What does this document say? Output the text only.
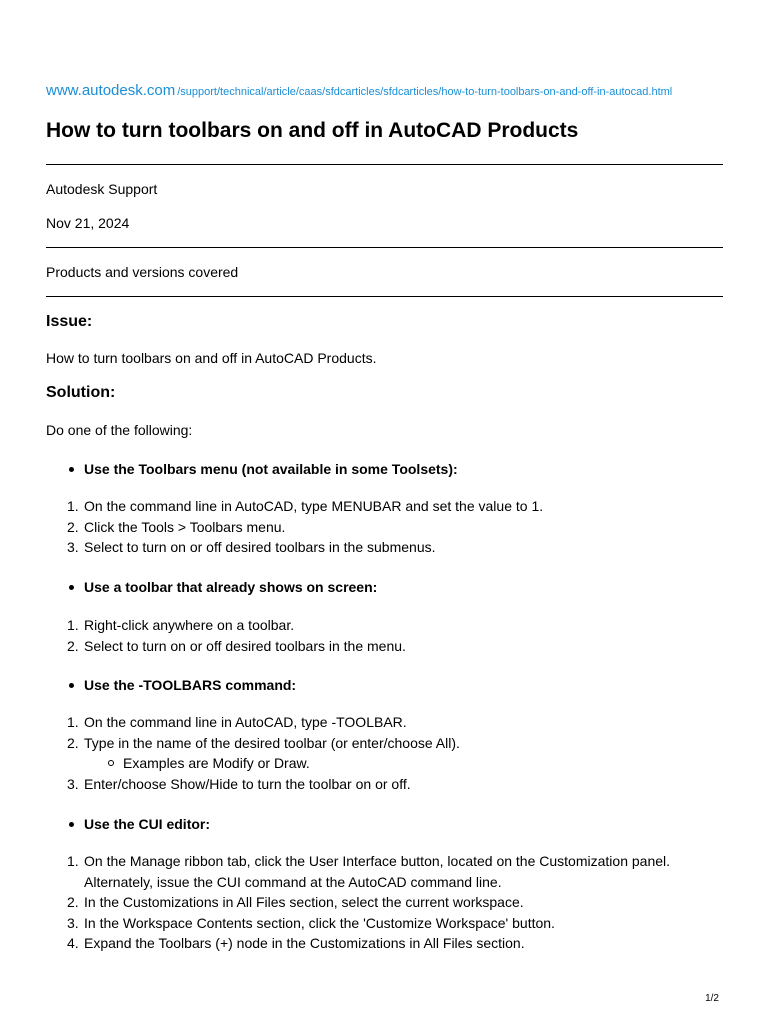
www.autodesk.com /support/technical/article/caas/sfdcarticles/sfdcarticles/how-to-turn-toolbars-on-and-off-in-autocad.html
How to turn toolbars on and off in AutoCAD Products
Autodesk Support
Nov 21, 2024
Products and versions covered
Issue:

How to turn toolbars on and off in AutoCAD Products.

Solution:

Do one of the following:

Use the Toolbars menu (not available in some Toolsets):
1. On the command line in AutoCAD, type MENUBAR and set the value to 1.
2. Click the Tools > Toolbars menu.
3. Select to turn on or off desired toolbars in the submenus.
Use a toolbar that already shows on screen:
1. Right-click anywhere on a toolbar.
2. Select to turn on or off desired toolbars in the menu.
Use the -TOOLBARS command:
1. On the command line in AutoCAD, type -TOOLBAR.
2. Type in the name of the desired toolbar (or enter/choose All).
Examples are Modify or Draw.
3. Enter/choose Show/Hide to turn the toolbar on or off.
Use the CUI editor:
1. On the Manage ribbon tab, click the User Interface button, located on the Customization panel. Alternately, issue the CUI command at the AutoCAD command line.
2. In the Customizations in All Files section, select the current workspace.
3. In the Workspace Contents section, click the 'Customize Workspace' button.
4. Expand the Toolbars (+) node in the Customizations in All Files section.
1/2
